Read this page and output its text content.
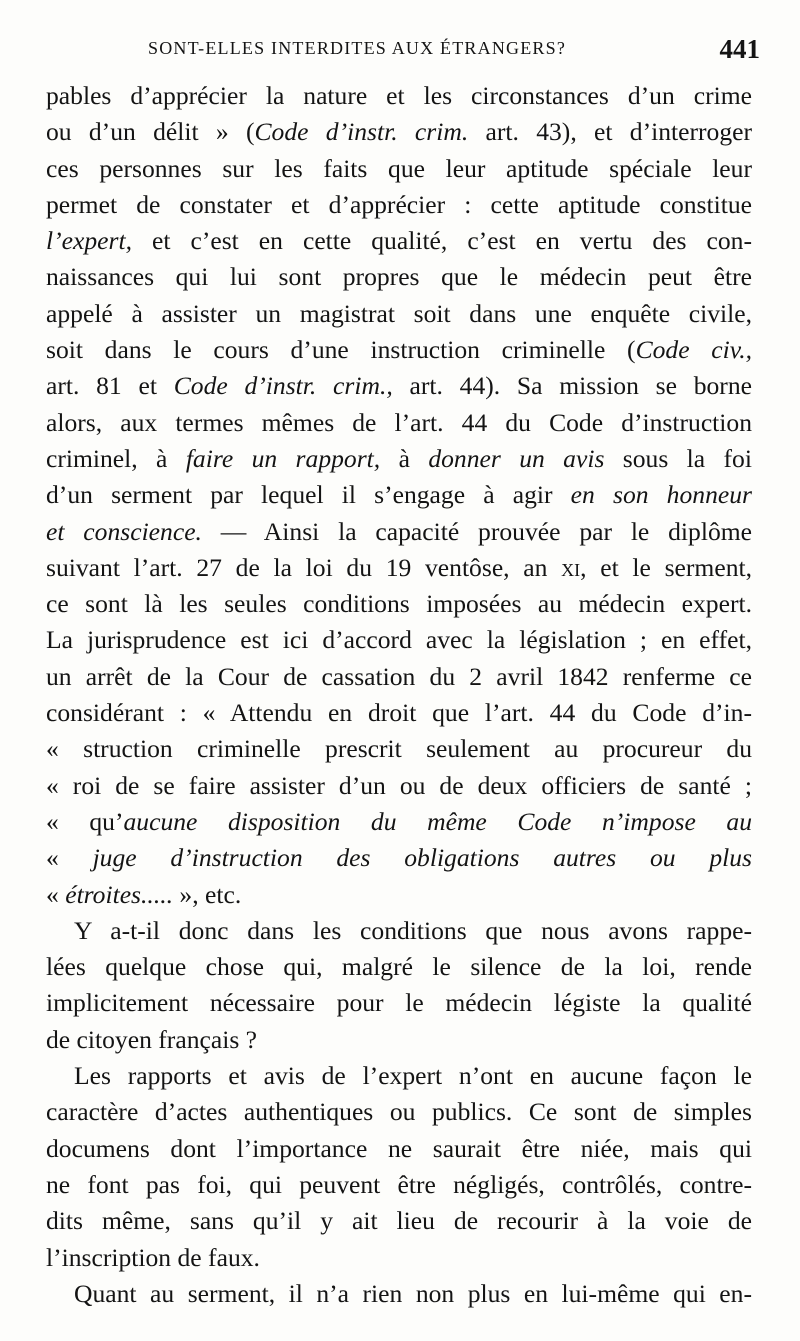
SONT-ELLES INTERDITES AUX ÉTRANGERS?	441
pables d’apprécier la nature et les circonstances d’un crime
ou d’un délit » (Code d’instr. crim. art. 43), et d’interroger
ces personnes sur les faits que leur aptitude spéciale leur
permet de constater et d’apprécier : cette aptitude constitue
l’expert, et c’est en cette qualité, c’est en vertu des con-
naissances qui lui sont propres que le médecin peut être
appelé à assister un magistrat soit dans une enquête civile,
soit dans le cours d’une instruction criminelle (Code civ.,
art. 81 et Code d’instr. crim., art. 44). Sa mission se borne
alors, aux termes mêmes de l’art. 44 du Code d’instruction
criminel, à faire un rapport, à donner un avis sous la foi
d’un serment par lequel il s’engage à agir en son honneur
et conscience. — Ainsi la capacité prouvée par le diplôme
suivant l’art. 27 de la loi du 19 ventôse, an xi, et le serment,
ce sont là les seules conditions imposées au médecin expert.
La jurisprudence est ici d’accord avec la législation ; en effet,
un arrêt de la Cour de cassation du 2 avril 1842 renferme ce
considérant : « Attendu en droit que l’art. 44 du Code d’in-
« struction criminelle prescrit seulement au procureur du
« roi de se faire assister d’un ou de deux officiers de santé ;
« qu’aucune disposition du même Code n’impose au
« juge d’instruction des obligations autres ou plus
« étroites..... », etc.
Y a-t-il donc dans les conditions que nous avons rappe-
lées quelque chose qui, malgré le silence de la loi, rende
implicitement nécessaire pour le médecin légiste la qualité
de citoyen français ?
Les rapports et avis de l’expert n’ont en aucune façon le
caractère d’actes authentiques ou publics. Ce sont de simples
documens dont l’importance ne saurait être niée, mais qui
ne font pas foi, qui peuvent être négligés, contrôlés, contre-
dits même, sans qu’il y ait lieu de recourir à la voie de
l’inscription de faux.
Quant au serment, il n’a rien non plus en lui-même qui en-
